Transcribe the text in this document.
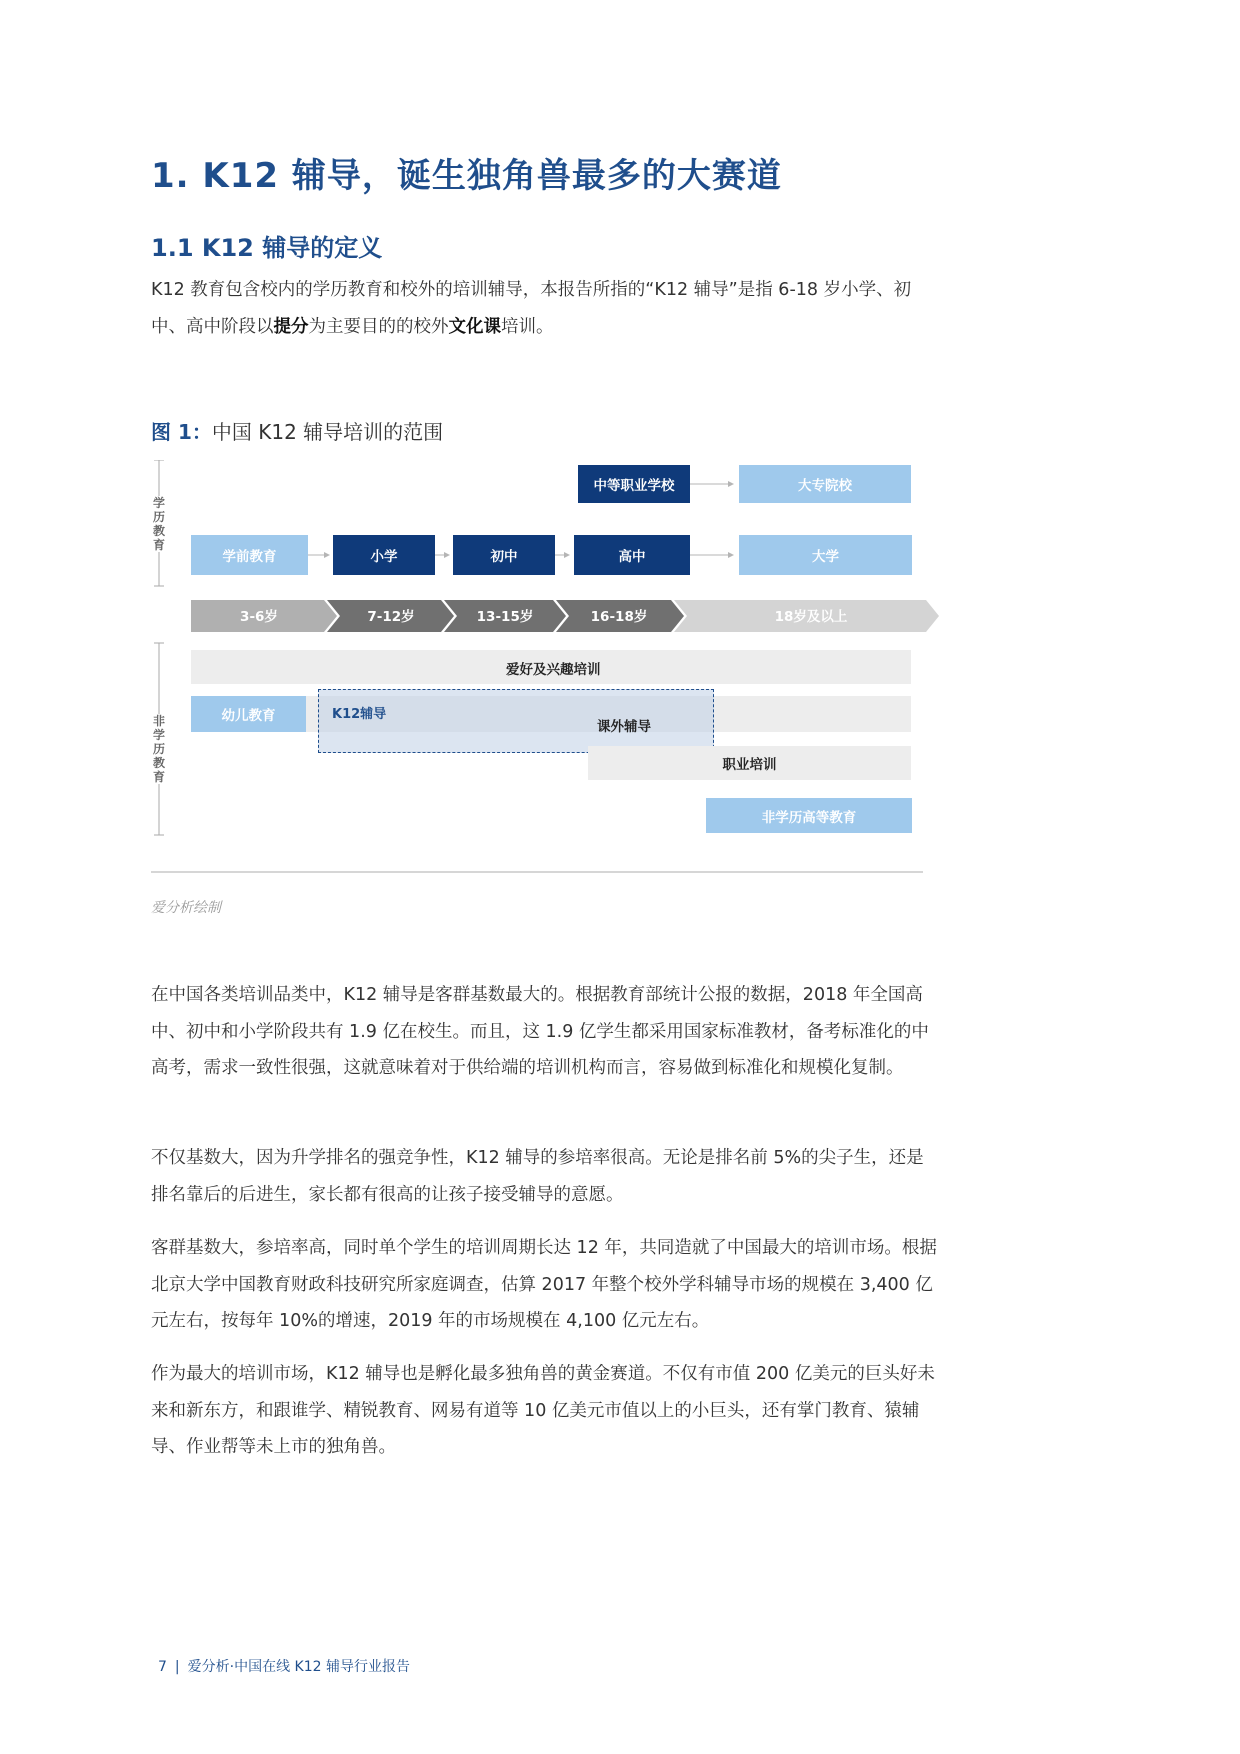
1. K12 辅导，诞生独角兽最多的大赛道
1.1 K12 辅导的定义

K12 教育包含校内的学历教育和校外的培训辅导，本报告所指的“K12 辅导”是指 6-18 岁小学、初中、高中阶段以提分为主要目的的校外文化课培训。

图 1：中国 K12 辅导培训的范围
3-6岁	7-12岁	13-15岁	16-18岁	18岁及以上
学历教育
非学历教育
中等职业学校	大专院校
学前教育	小学	初中	高中	大学
爱好及兴趣培训
幼儿教育	K12辅导
课外辅导
职业培训
非学历高等教育
爱分析绘制

在中国各类培训品类中，K12 辅导是客群基数最大的。根据教育部统计公报的数据，2018 年全国高中、初中和小学阶段共有 1.9 亿在校生。而且，这 1.9 亿学生都采用国家标准教材，备考标准化的中高考，需求一致性很强，这就意味着对于供给端的培训机构而言，容易做到标准化和规模化复制。

不仅基数大，因为升学排名的强竞争性，K12 辅导的参培率很高。无论是排名前 5%的尖子生，还是排名靠后的后进生，家长都有很高的让孩子接受辅导的意愿。

客群基数大，参培率高，同时单个学生的培训周期长达 12 年，共同造就了中国最大的培训市场。根据北京大学中国教育财政科技研究所家庭调查，估算 2017 年整个校外学科辅导市场的规模在 3,400 亿元左右，按每年 10%的增速，2019 年的市场规模在 4,100 亿元左右。

作为最大的培训市场，K12 辅导也是孵化最多独角兽的黄金赛道。不仅有市值 200 亿美元的巨头好未来和新东方，和跟谁学、精锐教育、网易有道等 10 亿美元市值以上的小巨头，还有掌门教育、猿辅导、作业帮等未上市的独角兽。

7 | 爱分析·中国在线 K12 辅导行业报告
